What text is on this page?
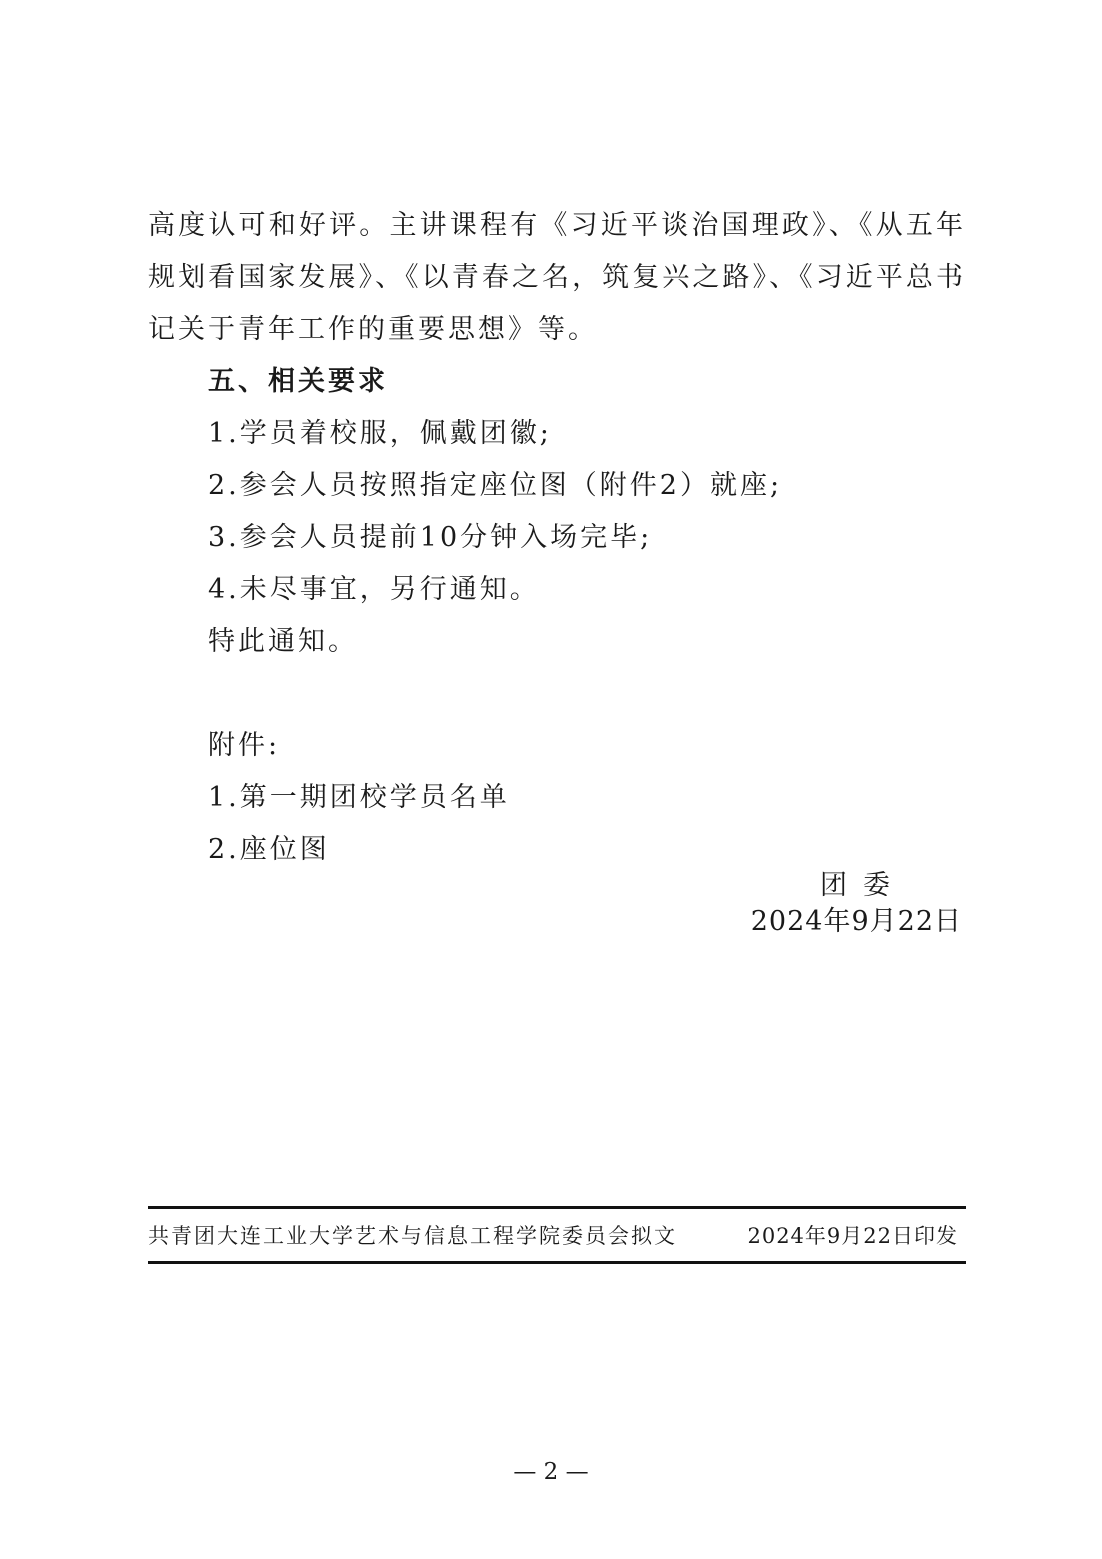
高度认可和好评。主讲课程有《习近平谈治国理政》、《从五年规划看国家发展》、《以青春之名，筑复兴之路》、《习近平总书记关于青年工作的重要思想》等。

五、相关要求

1.学员着校服，佩戴团徽;

2.参会人员按照指定座位图（附件2）就座;

3.参会人员提前10分钟入场完毕;

4.未尽事宜，另行通知。

特此通知。

附件:

1.第一期团校学员名单

2.座位图

团委
2024年9月22日
共青团大连工业大学艺术与信息工程学院委员会拟文	2024年9月22日印发
— 2 —
